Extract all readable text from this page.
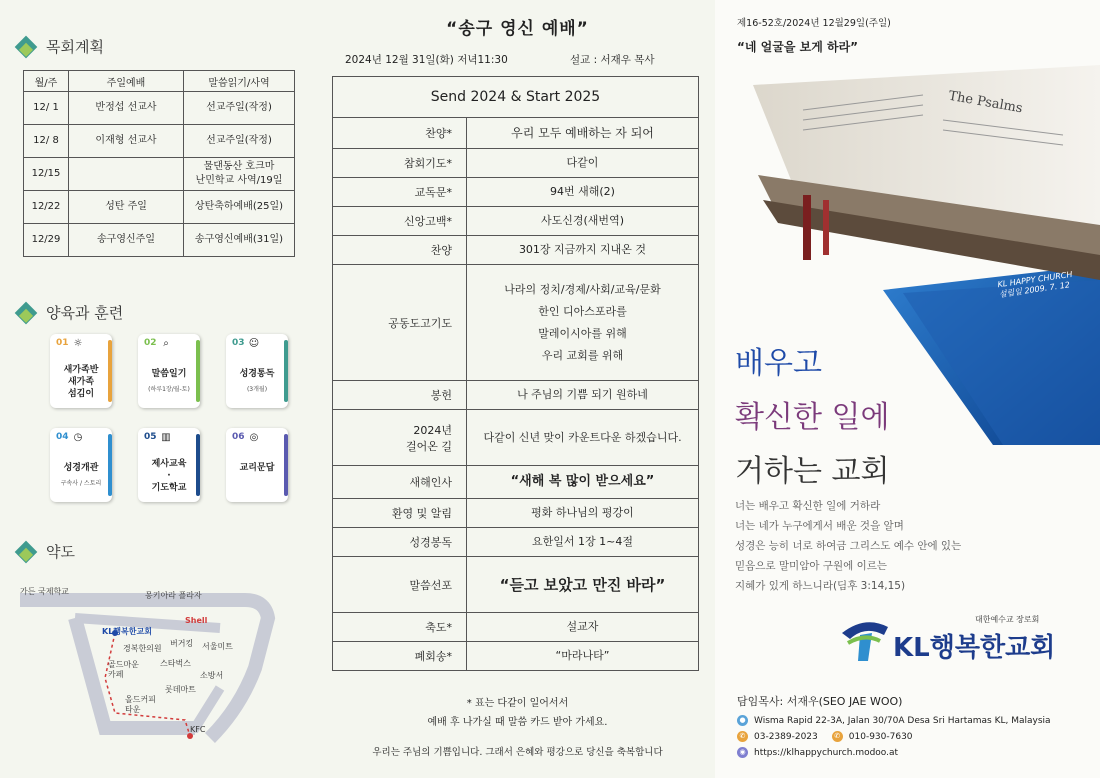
목회계획
월/주	주일예배	말씀읽기/사역
12/ 1	반정섭 선교사	선교주일(작정)
12/ 8	이재형 선교사	선교주일(작정)
12/15		물댄동산 호크마
난민학교 사역/19일
12/22	성탄 주일	상탄축하예배(25일)
12/29	송구영신주일	송구영신예배(31일)
양육과 훈련
01 ☼
새가족반
새가족
섬김이
02 ⌕
말씀일기
(하루1장/월-토)
03 ☺
성경통독
(3개월)
04 ◷
성경개관
구속사 / 스토리
05 ▥
제사교육
·
기도학교
06 ◎
교리문답
약도
가든 국제학교	몽키아라 플라자
KL행복한교회
Shell
경복한의원
버거킹 서울미트
골드마운
카페
스타벅스
소방서
롯데마트
올드커피
타운
KFC
“송구 영신 예배”
2024년 12월 31일(화) 저녁11:30	설교 : 서재우 목사
Send 2024 & Start 2025	
찬양*	우리 모두 예배하는 자 되어
참회기도*	다같이
교독문*	94번 새해(2)
신앙고백*	사도신경(새번역)
찬양	301장 지금까지 지내온 것
공동도고기도	나라의 정치/경제/사회/교육/문화
한인 디아스포라를
말레이시아를 위해
우리 교회를 위해
봉헌	나 주님의 기쁨 되기 원하네
2024년
걸어온 길	다같이 신년 맞이 카운트다운 하겠습니다.
새해인사	“새해 복 많이 받으세요”
환영 및 알림	평화 하나님의 평강이
성경봉독	요한일서 1장 1~4절
말씀선포	“듣고 보았고 만진 바라”
축도*	설교자
폐회송*	“마라나타”
* 표는 다같이 일어서서
예배 후 나가실 때 말씀 카드 받아 가세요.
우리는 주님의 기쁨입니다. 그래서 은혜와 평강으로 당신을 축복합니다
제16-52호/2024년 12월29일(주일)
“네 얼굴을 보게 하라”
The Psalms
KL HAPPY CHURCH
설립일 2009. 7. 12
배우고
확신한 일에
거하는 교회
너는 배우고 확신한 일에 거하라
너는 네가 누구에게서 배운 것을 알며
성경은 능히 너로 하여금 그리스도 예수 안에 있는
믿음으로 말미암아 구원에 이르는
지혜가 있게 하느니라(딤후 3:14,15)
대한예수교 장로회
KL행복한교회
담임목사: 서재우(SEO JAE WOO)
● Wisma Rapid 22-3A, Jalan 30/70A Desa Sri Hartamas KL, Malaysia
✆ 03-2389-2023	✆ 010-930-7630
◉ https://klhappychurch.modoo.at
